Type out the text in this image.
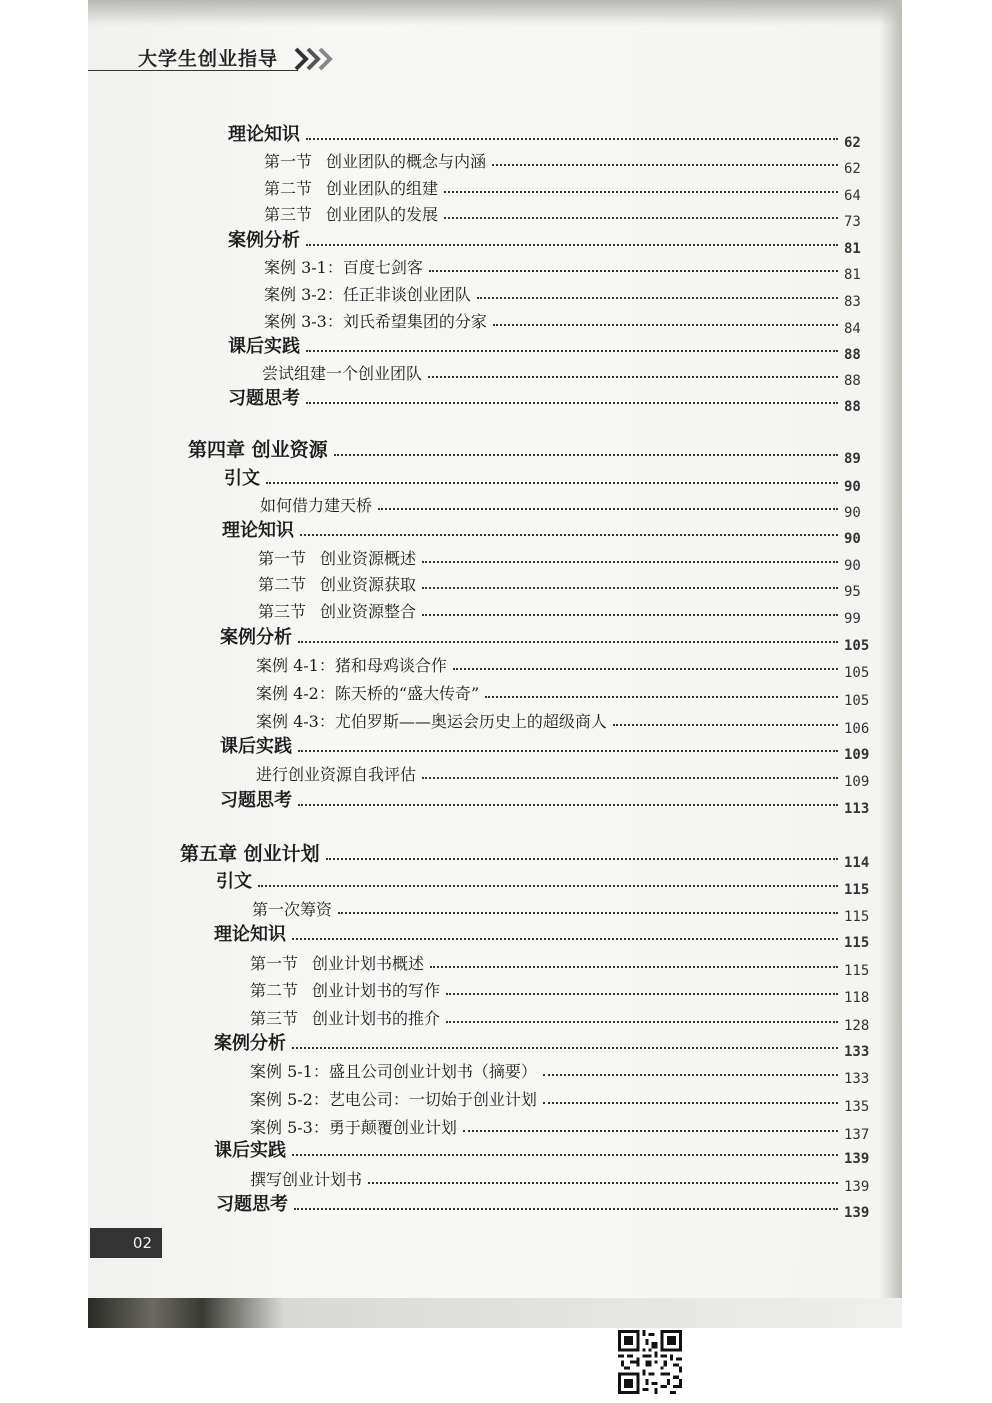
大学生创业指导
理论知识	62
第一节 创业团队的概念与内涵	62
第二节 创业团队的组建	64
第三节 创业团队的发展	73
案例分析	81
案例 3-1：百度七剑客	81
案例 3-2：任正非谈创业团队	83
案例 3-3：刘氏希望集团的分家	84
课后实践	88
尝试组建一个创业团队	88
习题思考	88
第四章 创业资源	89
引文	90
如何借力建天桥	90
理论知识	90
第一节 创业资源概述	90
第二节 创业资源获取	95
第三节 创业资源整合	99
案例分析	105
案例 4-1：猪和母鸡谈合作	105
案例 4-2：陈天桥的“盛大传奇”	105
案例 4-3：尤伯罗斯——奥运会历史上的超级商人	106
课后实践	109
进行创业资源自我评估	109
习题思考	113
第五章 创业计划	114
引文	115
第一次筹资	115
理论知识	115
第一节 创业计划书概述	115
第二节 创业计划书的写作	118
第三节 创业计划书的推介	128
案例分析	133
案例 5-1：盛且公司创业计划书（摘要）	133
案例 5-2：艺电公司：一切始于创业计划	135
案例 5-3：勇于颠覆创业计划	137
课后实践	139
撰写创业计划书	139
习题思考	139
02
